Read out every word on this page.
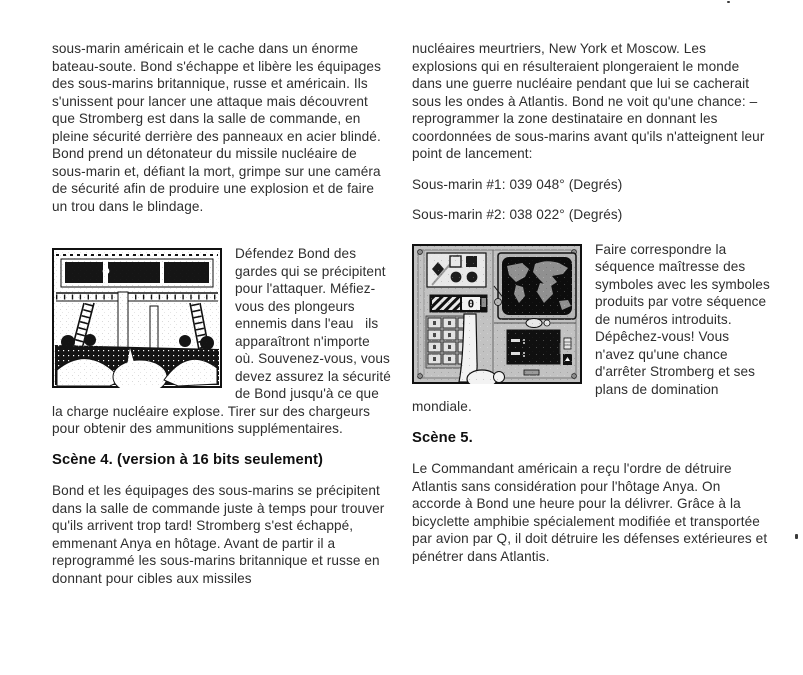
sous-marin américain et le cache dans un énorme bateau-soute. Bond s'échappe et libère les équipages des sous-marins britannique, russe et américain. Ils s'unissent pour lancer une attaque mais découvrent que Stromberg est dans la salle de commande, en pleine sécurité derrière des panneaux en acier blindé. Bond prend un détonateur du missile nucléaire de sous-marin et, défiant la mort, grimpe sur une caméra de sécurité afin de produire une explosion et de faire un trou dans le blindage.

Défendez Bond des gardes qui se précipitent pour l'attaquer. Méfiez-vous des plongeurs ennemis dans l'eau   ils apparaîtront n'importe où. Souvenez-vous, vous devez assurez la sécurité de Bond jusqu'à ce que la charge nucléaire explose. Tirer sur des chargeurs pour obtenir des ammunitions supplémentaires.

Scène 4. (version à 16 bits seulement)

Bond et les équipages des sous-marins se précipitent dans la salle de commande juste à temps pour trouver qu'ils arrivent trop tard! Stromberg s'est échappé, emmenant Anya en hôtage. Avant de partir il a reprogrammé les sous-marins britannique et russe en donnant pour cibles aux missiles

nucléaires meurtriers, New York et Moscow. Les explosions qui en résulteraient plongeraient le monde dans une guerre nucléaire pendant que lui se cacherait sous les ondes à Atlantis. Bond ne voit qu'une chance: – reprogrammer la zone destinataire en donnant les coordonnées de sous-marins avant qu'ils n'atteignent leur point de lancement:

Sous-marin #1: 039 048° (Degrés)

Sous-marin #2: 038 022° (Degrés)

0

Faire correspondre la séquence maîtresse des symboles avec les symboles produits par votre séquence de numéros introduits. Dépêchez-vous! Vous n'avez qu'une chance d'arrêter Stromberg et ses plans de domination mondiale.

Scène 5.

Le Commandant américain a reçu l'ordre de détruire Atlantis sans considération pour l'hôtage Anya. On accorde à Bond une heure pour la délivrer. Grâce à la bicyclette amphibie spécialement modifiée et transportée par avion par Q, il doit détruire les défenses extérieures et pénétrer dans Atlantis.
